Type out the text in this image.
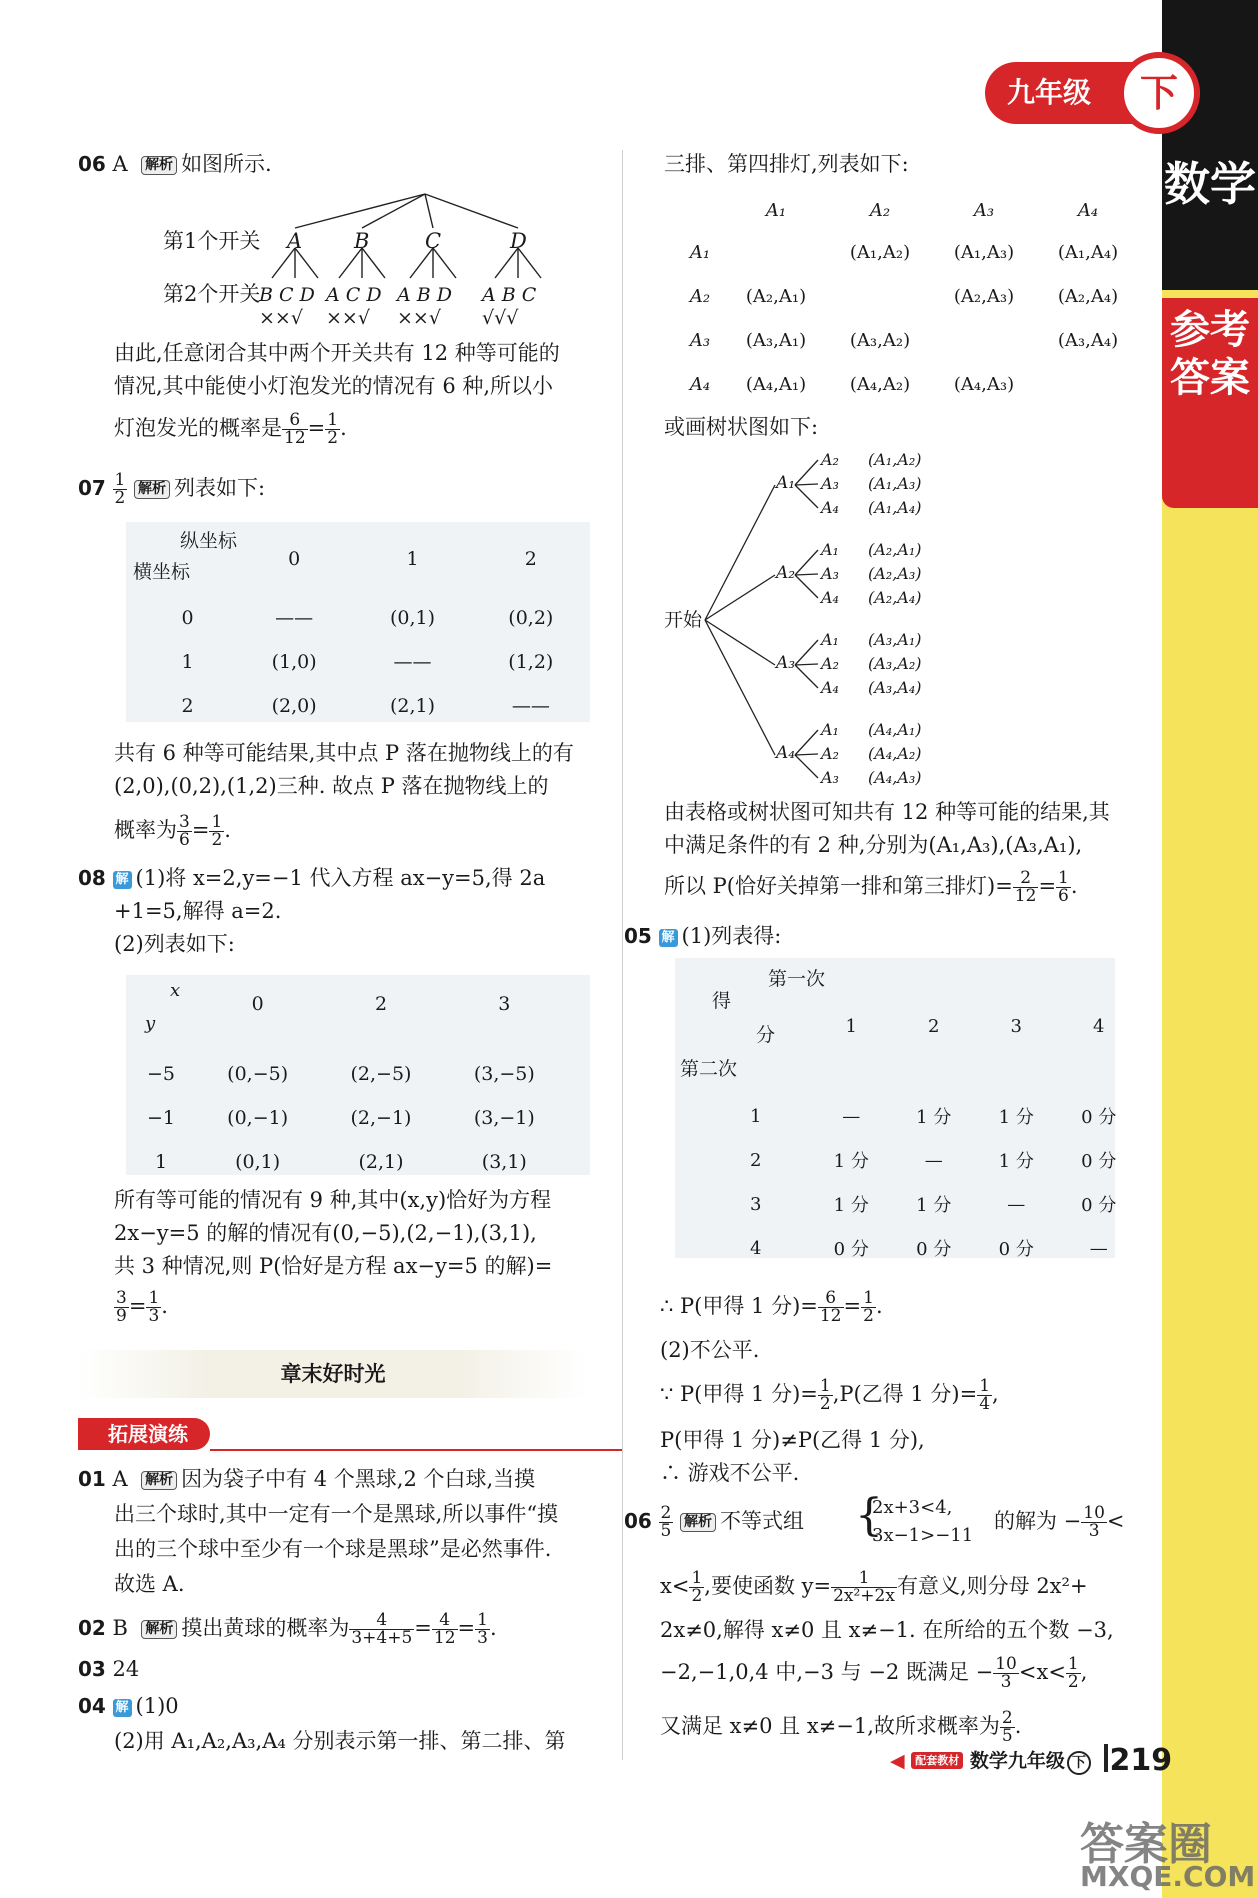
数学
参考答案
九年级	下
06 A 解析 如图所示.
第1个开关
第2个开关
A B	C	D
B C D A C D A B D A B C
××√ ××√ ××√ √√√
由此,任意闭合其中两个开关共有 12 种等可能的
情况,其中能使小灯泡发光的情况有 6 种,所以小
灯泡发光的概率是 $\frac{6}{12} = \frac{1}{2}$ .
$07 \frac{1}{2}$ 解析 列表如下:
纵坐标
横坐标
	0	1	2

0	——	(0,1)	(0,2)
1	(1,0)	——	(1,2)
2	(2,0)	(2,1)	——
共有 6 种等可能结果,其中点 P 落在抛物线上的有
(2,0),(0,2),(1,2)三种. 故点 P 落在抛物线上的
概率为 $\frac{3}{6} = \frac{1}{2}$ .
08 解 (1)将 x=2,y=−1 代入方程 ax−y=5,得 2a
+1=5,解得 a=2.
(2)列表如下:
x
y
	0	2	3

−5	(0,−5)	(2,−5)	(3,−5)
−1	(0,−1)	(2,−1)	(3,−1)
1	(0,1)	(2,1)	(3,1)
所有等可能的情况有 9 种,其中(x,y)恰好为方程
2x−y=5 的解的情况有(0,−5),(2,−1),(3,1),
共 3 种情况,则 P(恰好是方程 ax−y=5 的解)=
$\frac{3}{9} = \frac{1}{3}$ .
章末好时光
拓展演练
01 A 解析 因为袋子中有 4 个黑球,2 个白球,当摸
出三个球时,其中一定有一个是黑球,所以事件“摸
出的三个球中至少有一个球是黑球”是必然事件.
故选 A.
02 B 解析 摸出黄球的概率为 $\frac{4}{3+4+5} = \frac{4}{12} = \frac{1}{3}$ .
03 24
04 解 (1)0
(2)用 A₁,A₂,A₃,A₄ 分别表示第一排、第二排、第
三排、第四排灯,列表如下:
	A₁	A₂	A₃	A₄
A₁		(A₁,A₂)	(A₁,A₃)	(A₁,A₄)
A₂	(A₂,A₁)		(A₂,A₃)	(A₂,A₄)
A₃	(A₃,A₁)	(A₃,A₂)		(A₃,A₄)
A₄	(A₄,A₁)	(A₄,A₂)	(A₄,A₃)	
或画树状图如下:
开始
A₁
A₂ (A₁,A₂)
A₃ (A₁,A₃)
A₄ (A₁,A₄)
A₂
A₁ (A₂,A₁)
A₃ (A₂,A₃)
A₄ (A₂,A₄)
A₃
A₁ (A₃,A₁)
A₂ (A₃,A₂)
A₄ (A₃,A₄)
A₄
A₁ (A₄,A₁)
A₂ (A₄,A₂)
A₃ (A₄,A₃)
由表格或树状图可知共有 12 种等可能的结果,其
中满足条件的有 2 种,分别为(A₁,A₃),(A₃,A₁),
所以 P(恰好关掉第一排和第三排灯)= $\frac{2}{12} = \frac{1}{6}$ .
05 解 (1)列表得:
第一次
得
分
第二次
	1	2	3	4

1	—	1 分	1 分	0 分
2	1 分	—	1 分	0 分
3	1 分	1 分	—	0 分
4	0 分	0 分	0 分	—
∴ P(甲得 1 分)= $\frac{6}{12} = \frac{1}{2}$ .
(2)不公平.
∵ P(甲得 1 分)= $\frac{1}{2} ,P$(乙得 1 分)= $\frac{1}{4}$ ,
P(甲得 1 分)≠P(乙得 1 分),
∴ 游戏不公平.
$06 \frac{2}{5}$ 解析 不等式组 {
2x+3<4,
3x−1>−11
的解为 − $\frac{10}{3}$ <
$x< \frac{1}{2}$ ,要使函数 $y= \frac{1}{\text{2x²+2x}}$ 有意义,则分母 2x²+
2x≠0,解得 x≠0 且 x≠−1. 在所给的五个数 −3,
−2,−1,0,4 中,−3 与 −2 既满足 − $\frac{10}{3} <x< \frac{1}{2}$ ,
又满足 x≠0 且 x≠−1,故所求概率为 $\frac{2}{5}$ .
◀ 配套教材 数学九年级 下 219
答案圈
MXQE.COM
